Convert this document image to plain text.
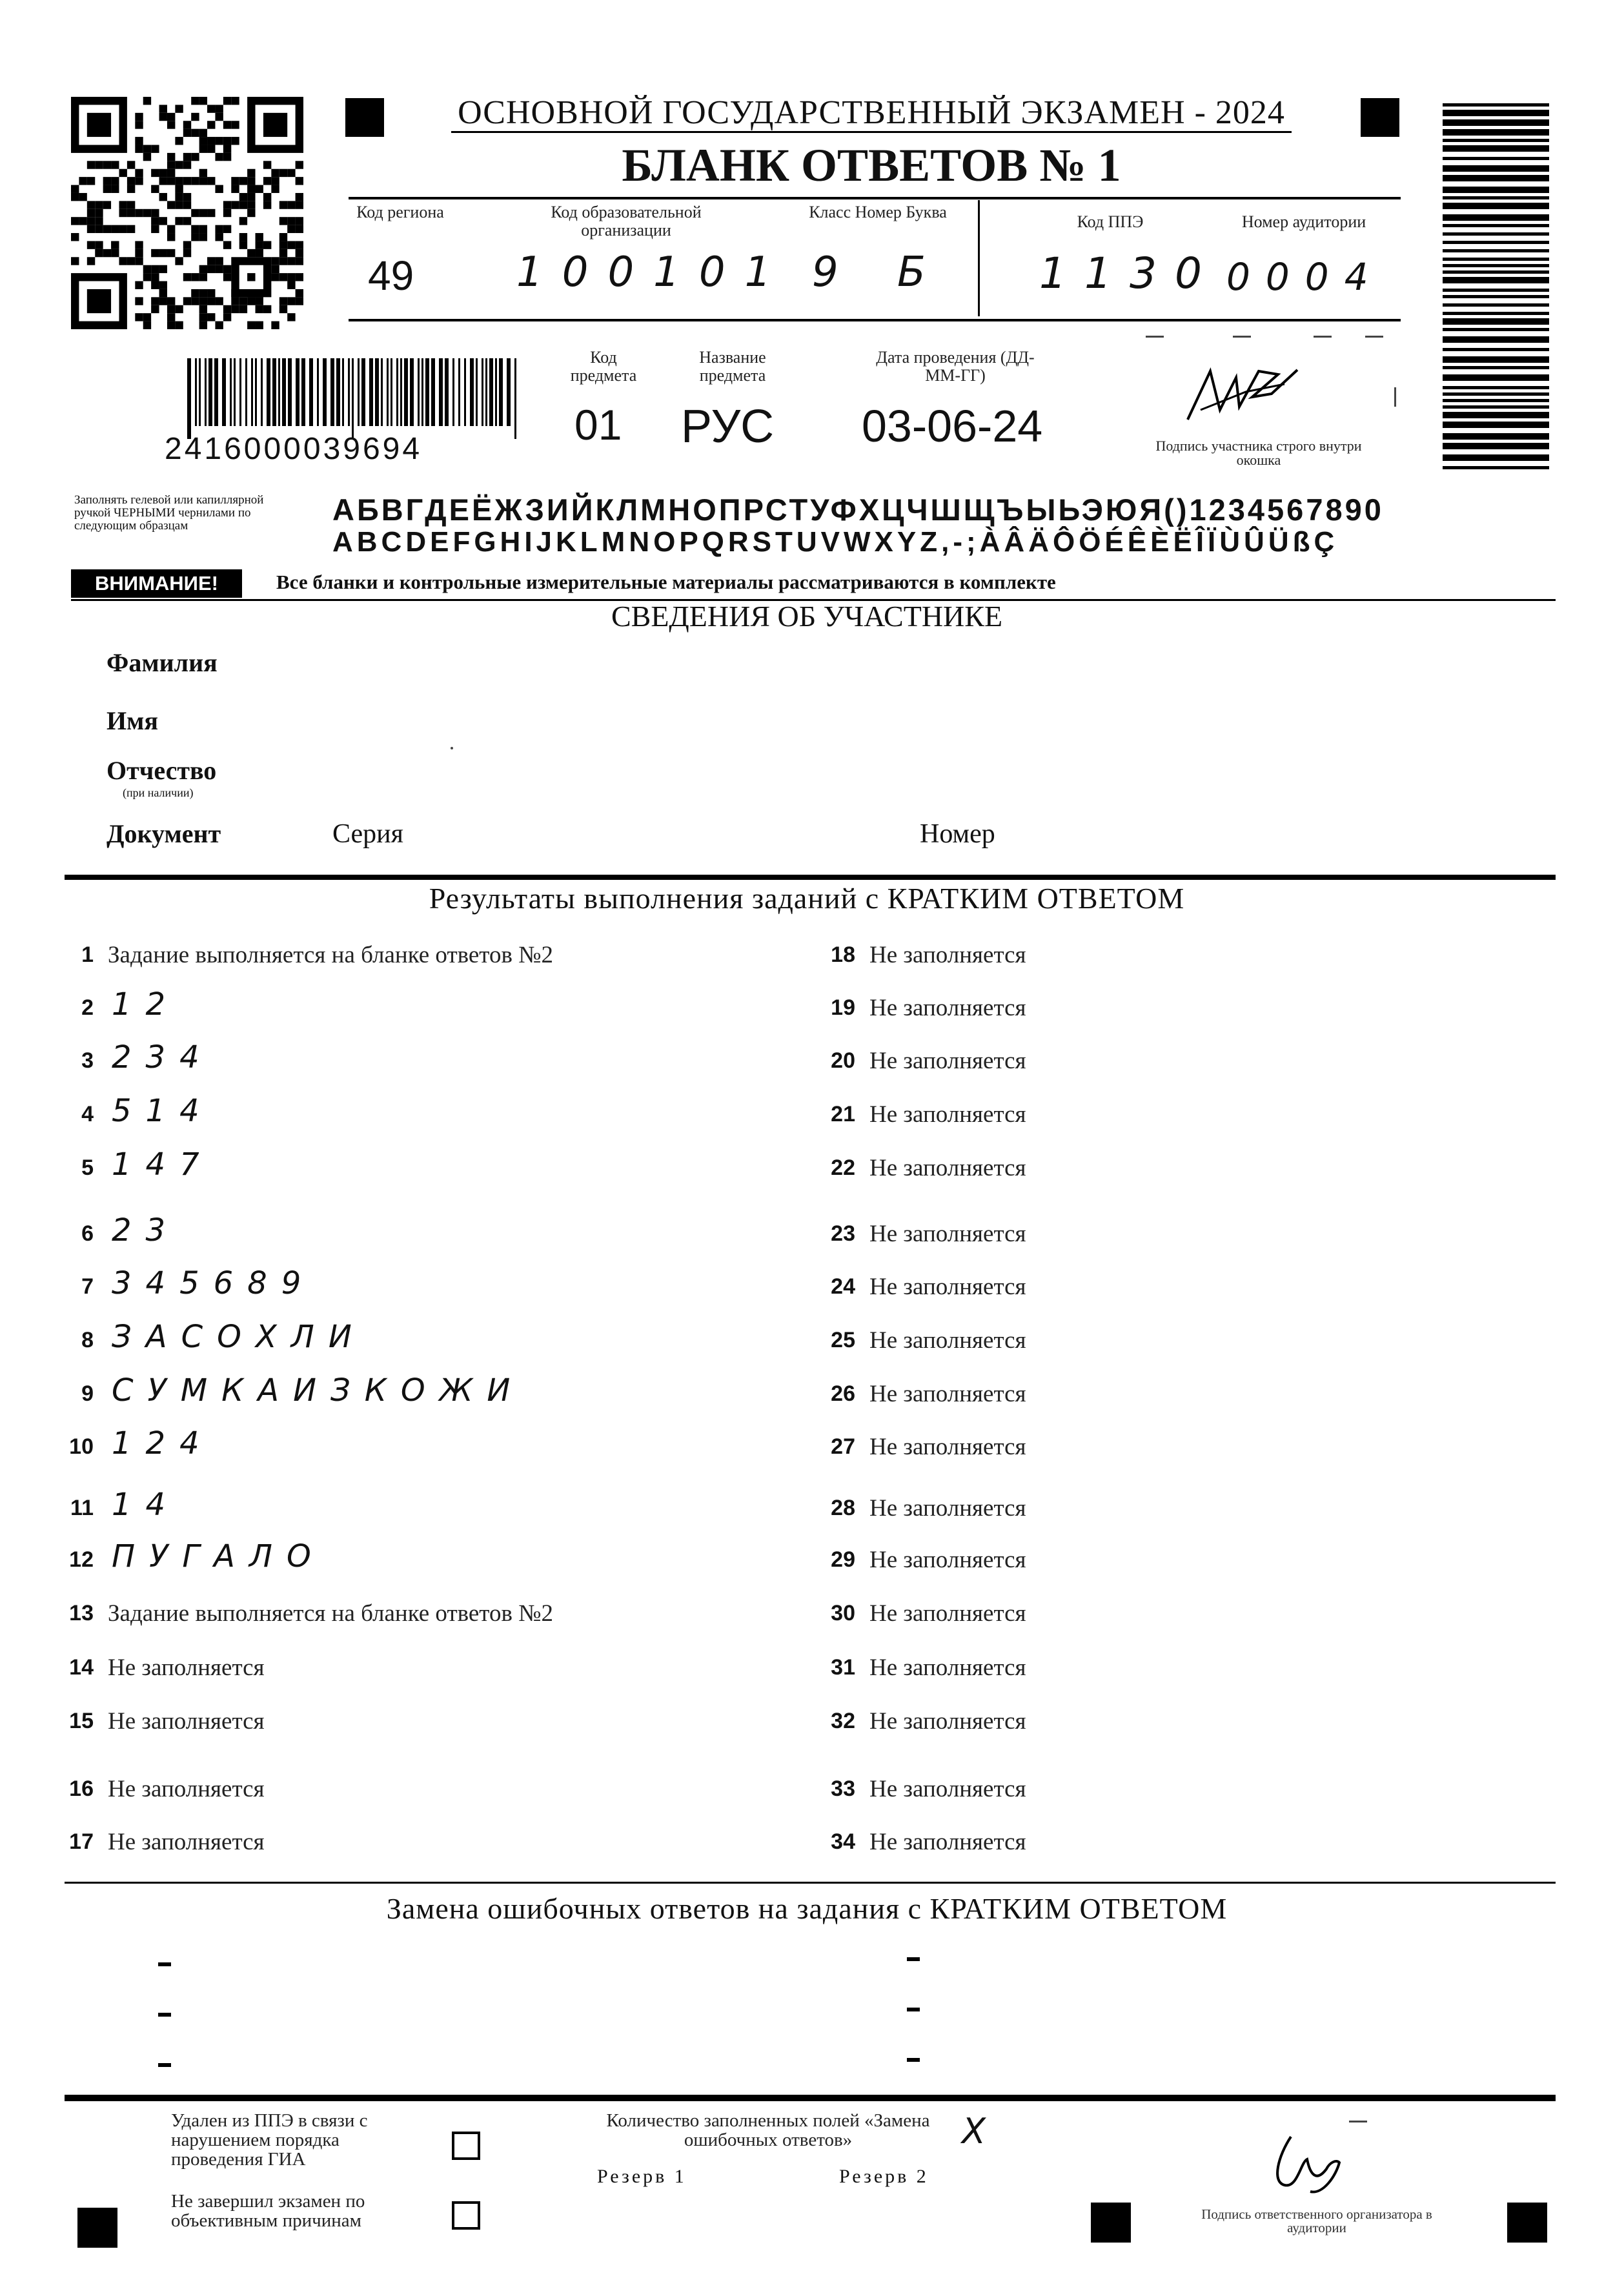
ОСНОВНОЙ ГОСУДАРСТВЕННЫЙ ЭКЗАМЕН - 2024
БЛАНК ОТВЕТОВ № 1
Код региона
49
Код образовательной организации
100101
Класс Номер Буква
9 Б
Код ППЭ
1130
Номер аудитории
0004
2416000039694
Код предмета
01
Название предмета
РУС
Дата проведения (ДД-ММ-ГГ)
03-06-24	Подпись участника строго внутри окошка
Заполнять гелевой или капиллярной ручкой ЧЕРНЫМИ чернилами по следующим образцам	АБВГДЕЁЖЗИЙКЛМНОПРСТУФХЦЧШЩЪЫЬЭЮЯ()1234567890
ABCDEFGHIJKLMNOPQRSTUVWXYZ,-;ÀÂÄÔÖÉÊÈËÎÏÙÛÜßÇ
ВНИМАНИЕ!	Все бланки и контрольные измерительные материалы рассматриваются в комплекте
СВЕДЕНИЯ ОБ УЧАСТНИКЕ
Фамилия
Имя
Отчество
(при наличии)
Документ	Серия	Номер
Результаты выполнения заданий с КРАТКИМ ОТВЕТОМ
Замена ошибочных ответов на задания с КРАТКИМ ОТВЕТОМ
Удален из ППЭ в связи с нарушением порядка проведения ГИА
Не завершил экзамен по объективным причинам
Количество заполненных полей «Замена ошибочных ответов»	X
Резерв 1	Резерв 2
Подпись ответственного организатора в аудитории
1 Задание выполняется на бланке ответов №2
2 12
3 234
4 514
5 147
6 23
7 345689
8 ЗАСОХЛИ
9 СУМКАИЗКОЖИ
10 124
11 14
12 ПУГАЛО
13 Задание выполняется на бланке ответов №2
14 Не заполняется
15 Не заполняется
16 Не заполняется
17 Не заполняется
18 Не заполняется
19 Не заполняется
20 Не заполняется
21 Не заполняется
22 Не заполняется
23 Не заполняется
24 Не заполняется
25 Не заполняется
26 Не заполняется
27 Не заполняется
28 Не заполняется
29 Не заполняется
30 Не заполняется
31 Не заполняется
32 Не заполняется
33 Не заполняется
34 Не заполняется
